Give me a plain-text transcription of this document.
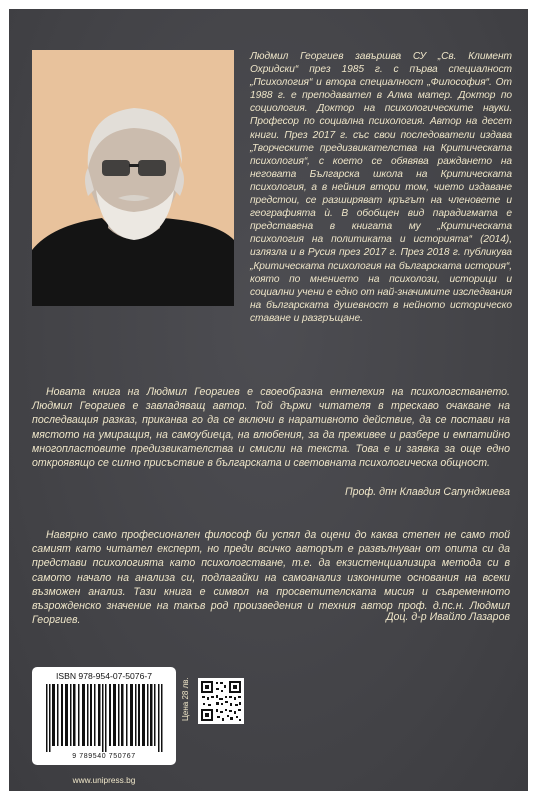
Людмил Георгиев завършва СУ „Св. Климент Охридски“ през 1985 г. с първа специалност „Психология“ и втора специалност „Философия“. От 1988 г. е преподавател в Алма матер. Доктор по социология. Доктор на психологическите науки. Професор по социална психология. Автор на десет книги. През 2017 г. със свои последователи издава „Творческите предизвикателства на Критическата психология“, с което се обявява раждането на неговата Българска школа на Критическата психология, а в нейния втори том, чието издаване предстои, се разширяват кръгът на членовете и географията ѝ. В обобщен вид парадигмата е представена в книгата му „Критическата психология на политиката и историята“ (2014), излязла и в Русия през 2017 г. През 2018 г. публикува „Критическата психология на българската история“, която по мнението на психолози, историци и социални учени е едно от най-значимите изследвания на българската душевност в нейното историческо ставане и разгръщане.
Новата книга на Людмил Георгиев е своеобразна ентелехия на психологстването. Людмил Георгиев е завладяващ автор. Той държи читателя в трескаво очакване на последващия разказ, приканва го да се включи в наративното действие, да се постави на мястото на умиращия, на самоубиеца, на влюбения, за да преживее и разбере и емпатийно многопластовите предизвикателства и смисли на текста. Това е и заявка за още едно откроявящо се силно присъствие в българската и световната психологическа общност.
Проф. дпн Клавдия Сапунджиева
Навярно само професионален философ би успял да оцени до каква степен не само той самият като читател експерт, но преди всичко авторът е развълнуван от опита си да представи психологията като психологстване, т.е. да екзистенциализира метода си в самото начало на анализа си, подлагайки на самоанализ изконните основания на всеки възможен анализ. Тази книга е символ на просветителската мисия и съвременното възрожденско значение на такъв род произведения и техния автор проф. д.пс.н. Людмил Георгиев.	Доц. д-р Ивайло Лазаров
ISBN 978-954-07-5076-7
9 789540 750767
www.unipress.bg
Цена 28 лв.
